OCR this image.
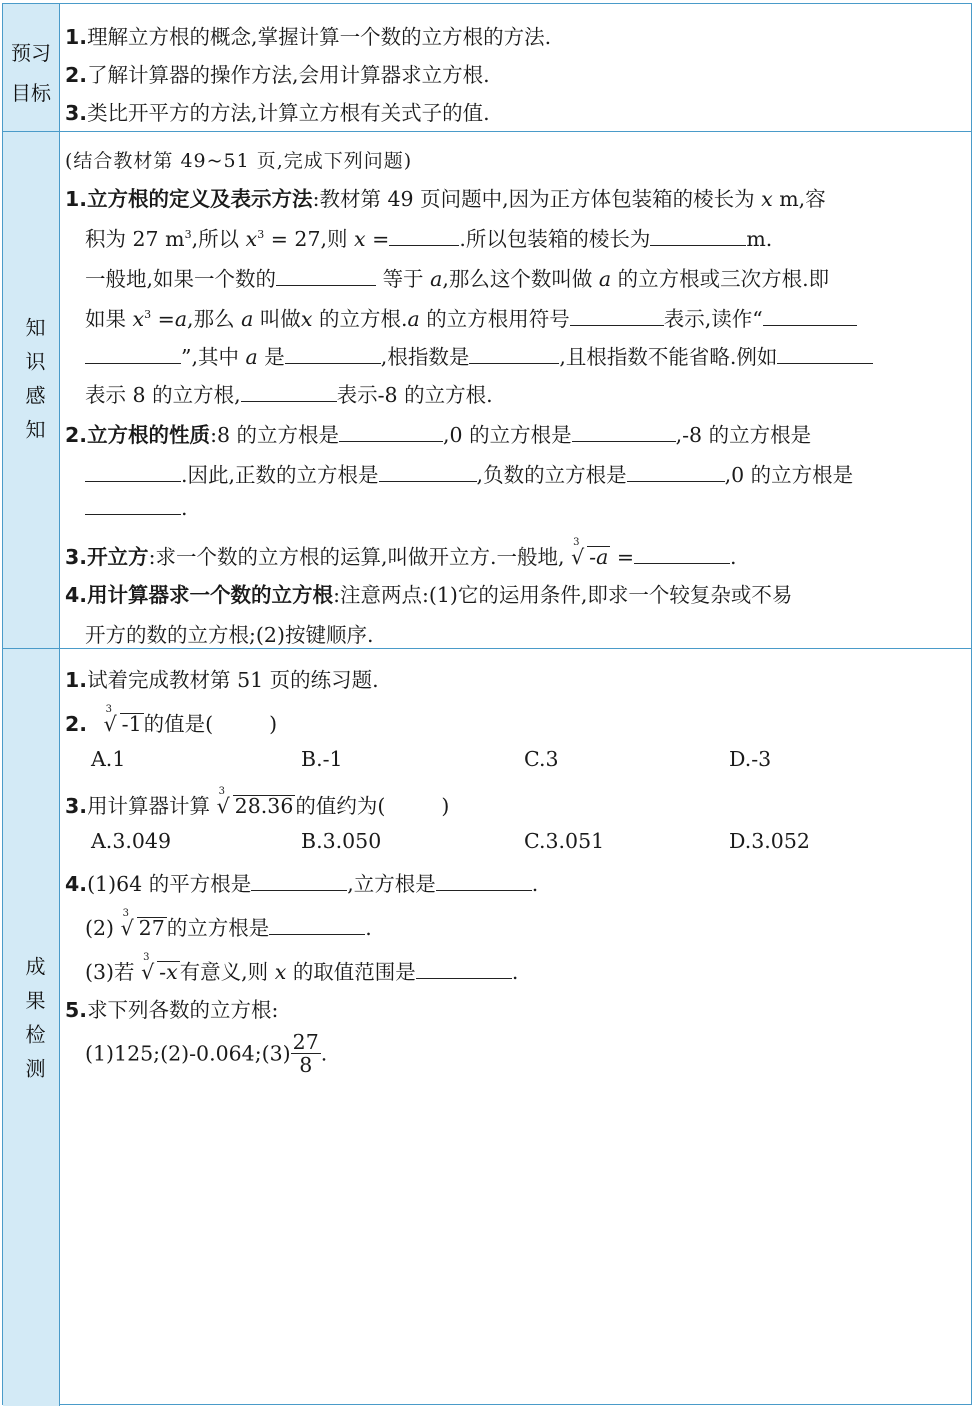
预习
目标
1.理解立方根的概念,掌握计算一个数的立方根的方法.
2.了解计算器的操作方法,会用计算器求立方根.
3.类比开平方的方法,计算立方根有关式子的值.
知识感知
(结合教材第 49~51 页,完成下列问题)
1.立方根的定义及表示方法:教材第 49 页问题中,因为正方体包装箱的棱长为 x m,容
积为 27 $m^3$,所以 $x^3 = 27$,则 x =	.所以包装箱的棱长为	m.
一般地,如果一个数的	等于 a,那么这个数叫做 a 的立方根或三次方根.即
如果 $x^3 =a$,那么 a 叫做x 的立方根.a 的立方根用符号	表示,读作“
”,其中 a 是	,根指数是	,且根指数不能省略.例如
表示 8 的立方根,	表示-8 的立方根.
2.立方根的性质:8 的立方根是	,0 的立方根是	,-8 的立方根是
.因此,正数的立方根是	,负数的立方根是	,0 的立方根是
.
3.开立方:求一个数的立方根的运算,叫做开立方.一般地,
3
√ -a =	.
4.用计算器求一个数的立方根:注意两点:(1)它的运用条件,即求一个较复杂或不易
开方的数的立方根;(2)按键顺序.
成果检测
1.试着完成教材第 51 页的练习题.
2.
3
√ -1的值是(	)
A.1	B.-1	C.3	D.-3
3.用计算器计算
3
√ 28.36的值约为(	)
A.3.049	B.3.050	C.3.051	D.3.052
4.(1)64 的平方根是	,立方根是	.
(2)
3
√ 27的立方根是	.
(3)若
3
√ -x有意义,则 x 的取值范围是	.
5.求下列各数的立方根:
(1)125;(2)-0.064;(3) $\frac{27}{8}$ .
